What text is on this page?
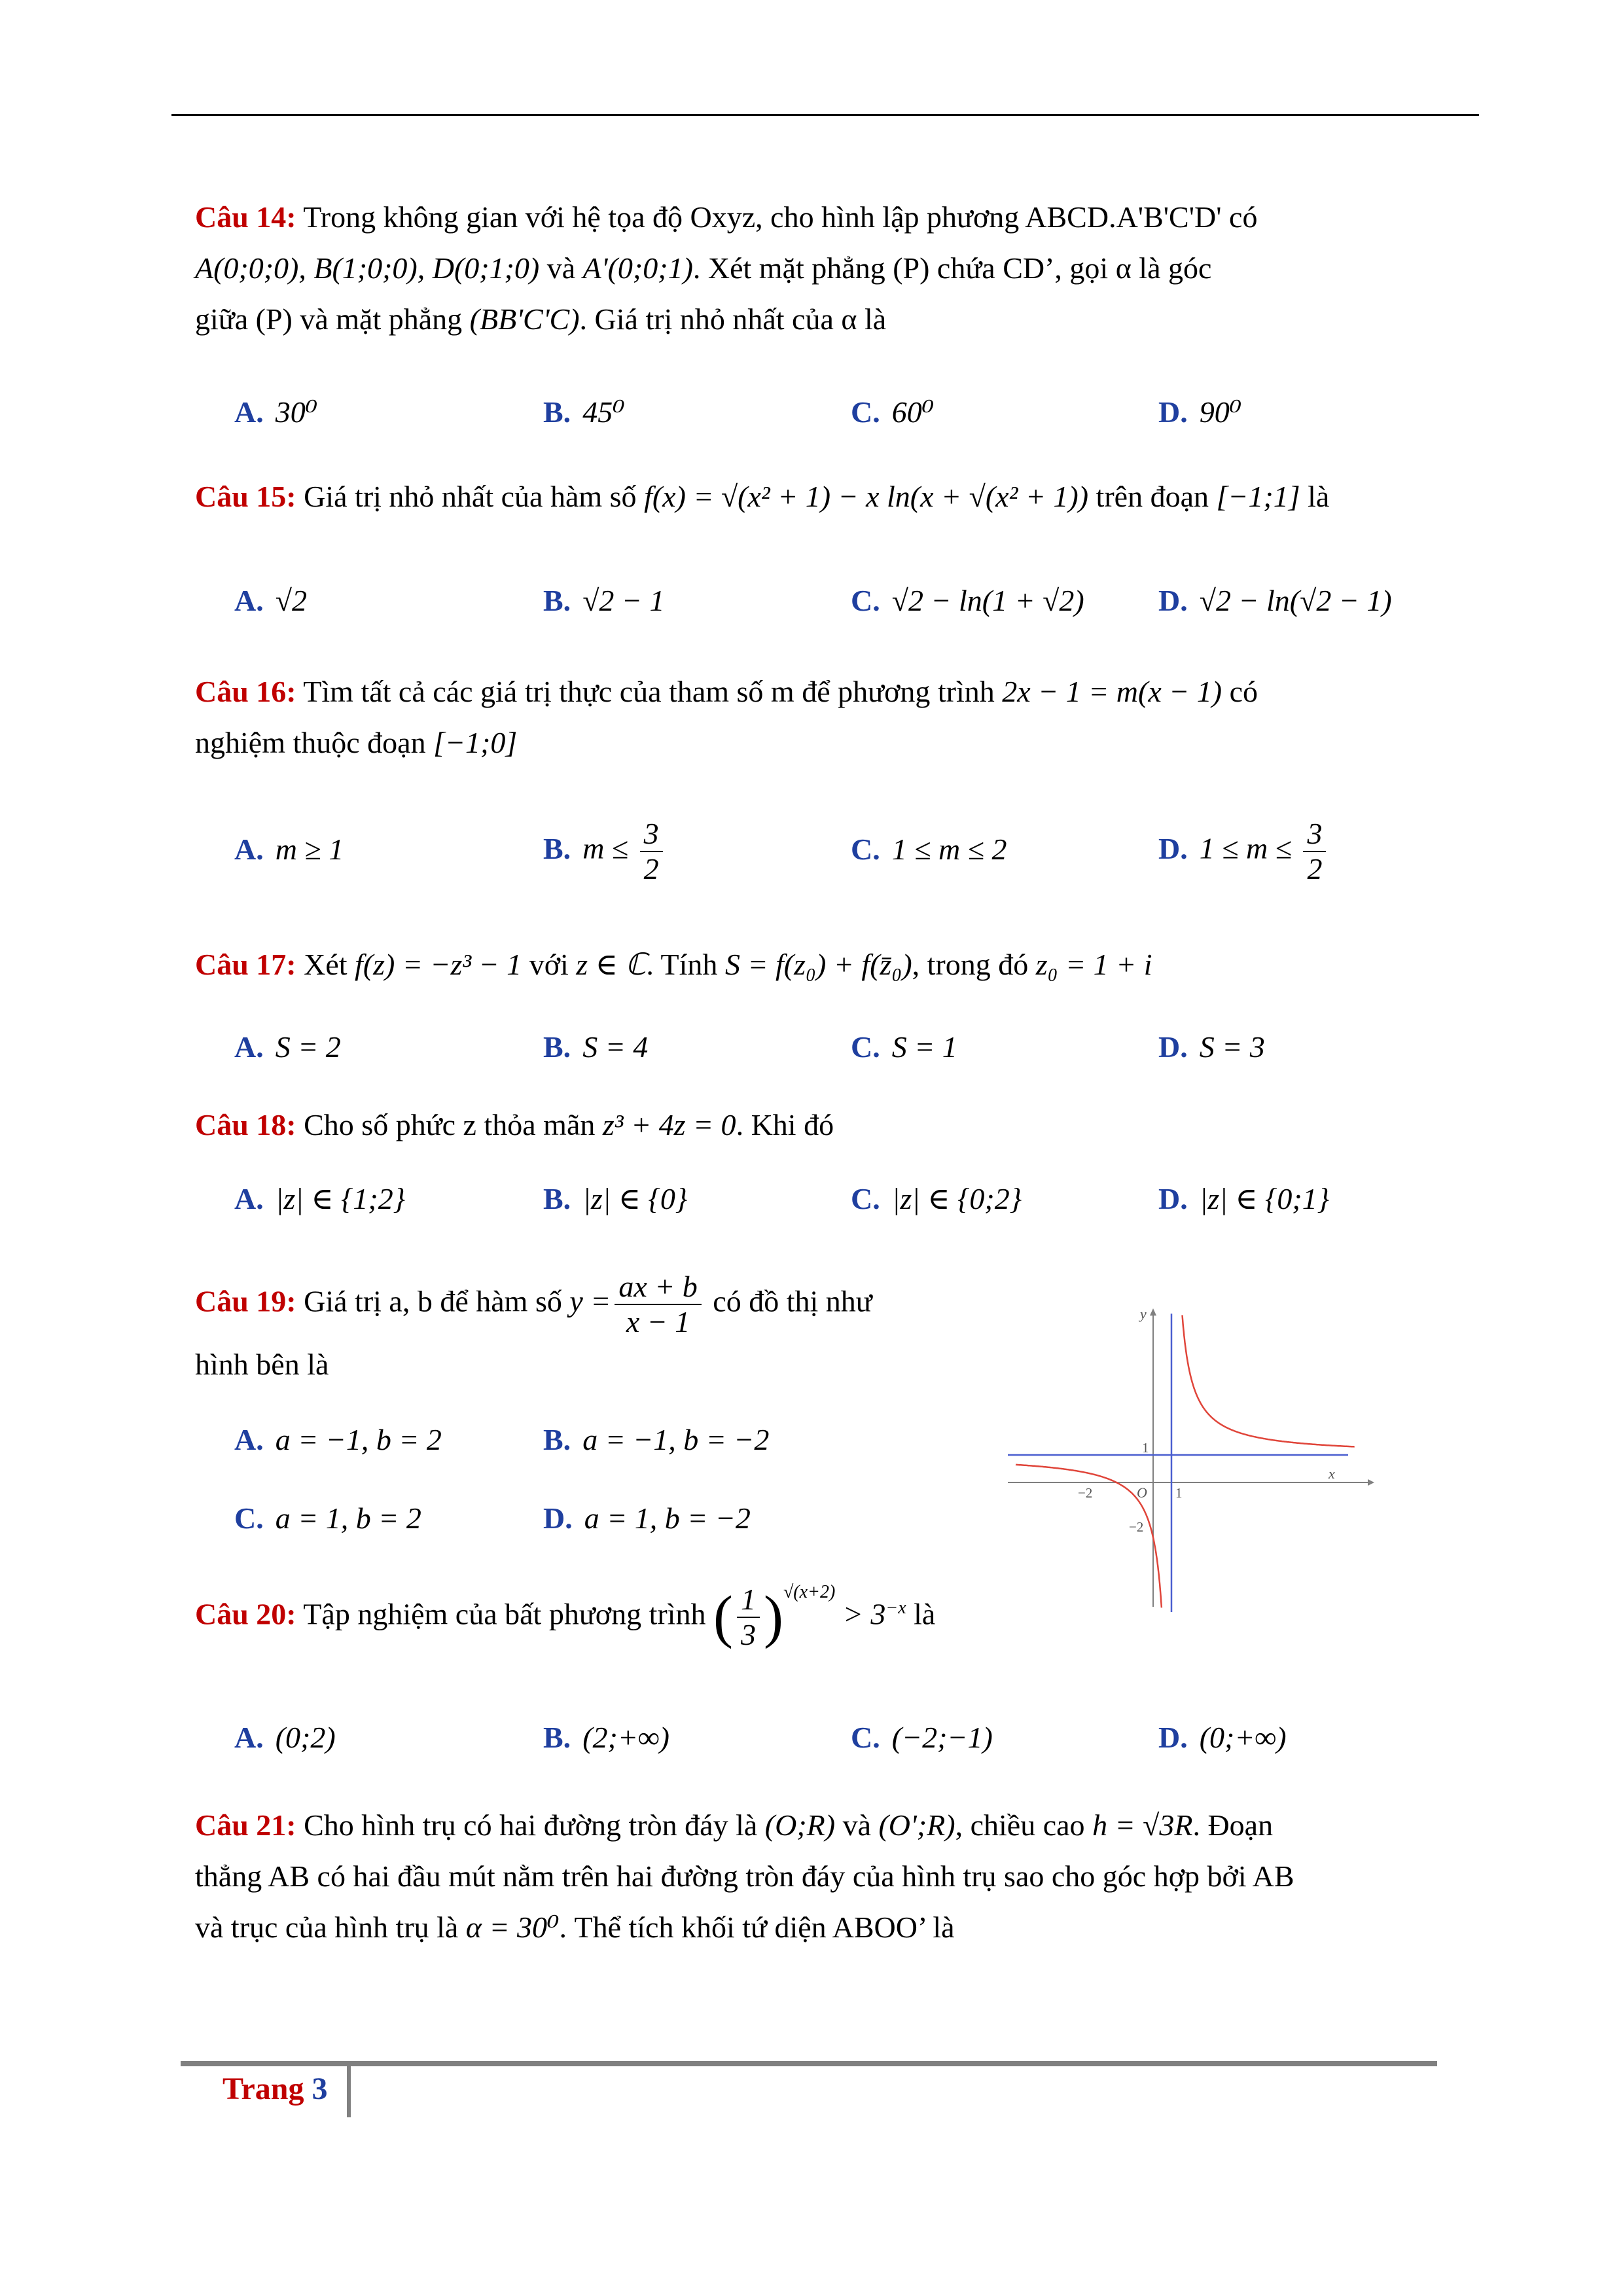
Câu 14: Trong không gian với hệ tọa độ Oxyz, cho hình lập phương ABCD.A'B'C'D' có
A(0;0;0), B(1;0;0), D(0;1;0) và A'(0;0;1). Xét mặt phẳng (P) chứa CD’, gọi α là góc
giữa (P) và mặt phẳng (BB'C'C). Giá trị nhỏ nhất của α là
A. 30⁰	B. 45⁰	C. 60⁰	D. 90⁰
Câu 15: Giá trị nhỏ nhất của hàm số f(x) = √(x² + 1) − x ln(x + √(x² + 1)) trên đoạn [−1;1] là
A. √2	B. √2 − 1	C. √2 − ln(1 + √2) D. √2 − ln(√2 − 1)
Câu 16: Tìm tất cả các giá trị thực của tham số m để phương trình 2x − 1 = m(x − 1) có
nghiệm thuộc đoạn [−1;0]
A. m ≥ 1	B. $m \le \frac{3}{2}$	C. 1 ≤ m ≤ 2	D. $1 \le m \le \frac{3}{2}$
Câu 17: Xét f(z) = −z³ − 1 với z ∈ ℂ. Tính S = f(z₀) + f(z̄₀), trong đó z₀ = 1 + i
A. S = 2	B. S = 4	C. S = 1	D. S = 3
Câu 18: Cho số phức z thỏa mãn z³ + 4z = 0. Khi đó
A. |z| ∈ {1;2}	B. |z| ∈ {0}	C. |z| ∈ {0;2}	D. |z| ∈ {0;1}
Câu 19: Giá trị a, b để hàm số $y = \frac{ax + b}{x - 1}$ có đồ thị như
hình bên là
A. a = −1, b = 2	B. a = −1, b = −2
C. a = 1, b = 2	D. a = 1, b = −2
y
x
O
1
−2	1
−2
Câu 20: Tập nghiệm của bất phương trình ( $\frac{1}{3} )^{√(x+2)} > 3^{-x}$ là
A. (0;2)	B. (2;+∞)	C. (−2;−1)	D. (0;+∞)
Câu 21: Cho hình trụ có hai đường tròn đáy là (O;R) và (O';R), chiều cao h = √3R. Đoạn
thẳng AB có hai đầu mút nằm trên hai đường tròn đáy của hình trụ sao cho góc hợp bởi AB
và trục của hình trụ là α = 30⁰. Thể tích khối tứ diện ABOO’ là
Trang 3
